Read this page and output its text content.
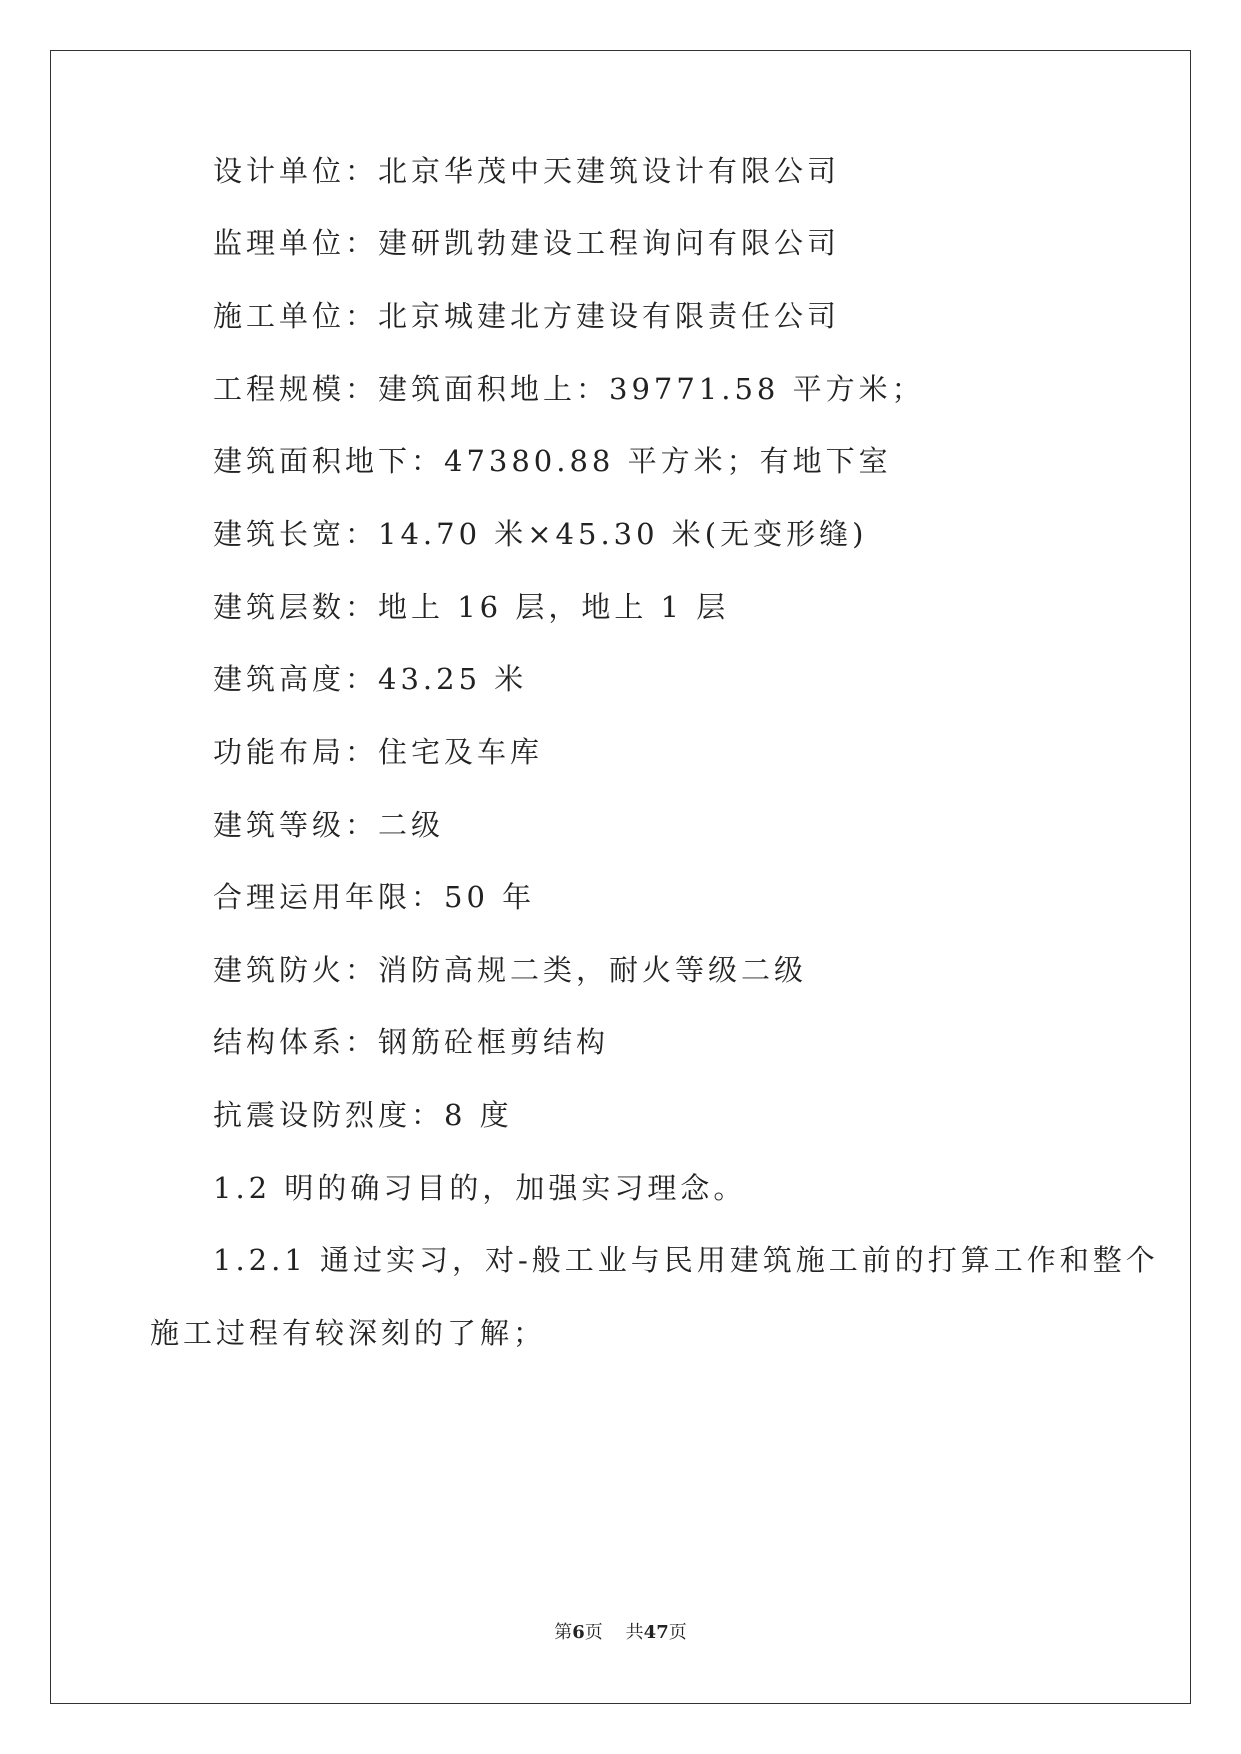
设计单位：北京华茂中天建筑设计有限公司
监理单位：建研凯勃建设工程询问有限公司
施工单位：北京城建北方建设有限责任公司
工程规模：建筑面积地上：39771.58 平方米；
建筑面积地下：47380.88 平方米；有地下室
建筑长宽：14.70 米×45.30 米(无变形缝)
建筑层数：地上 16 层，地上 1 层
建筑高度：43.25 米
功能布局：住宅及车库
建筑等级：二级
合理运用年限：50 年
建筑防火：消防高规二类，耐火等级二级
结构体系：钢筋砼框剪结构
抗震设防烈度：8 度
1.2 明的确习目的，加强实习理念。
1.2.1 通过实习，对-般工业与民用建筑施工前的打算工作和整个
施工过程有较深刻的了解；
第6页 共47页
